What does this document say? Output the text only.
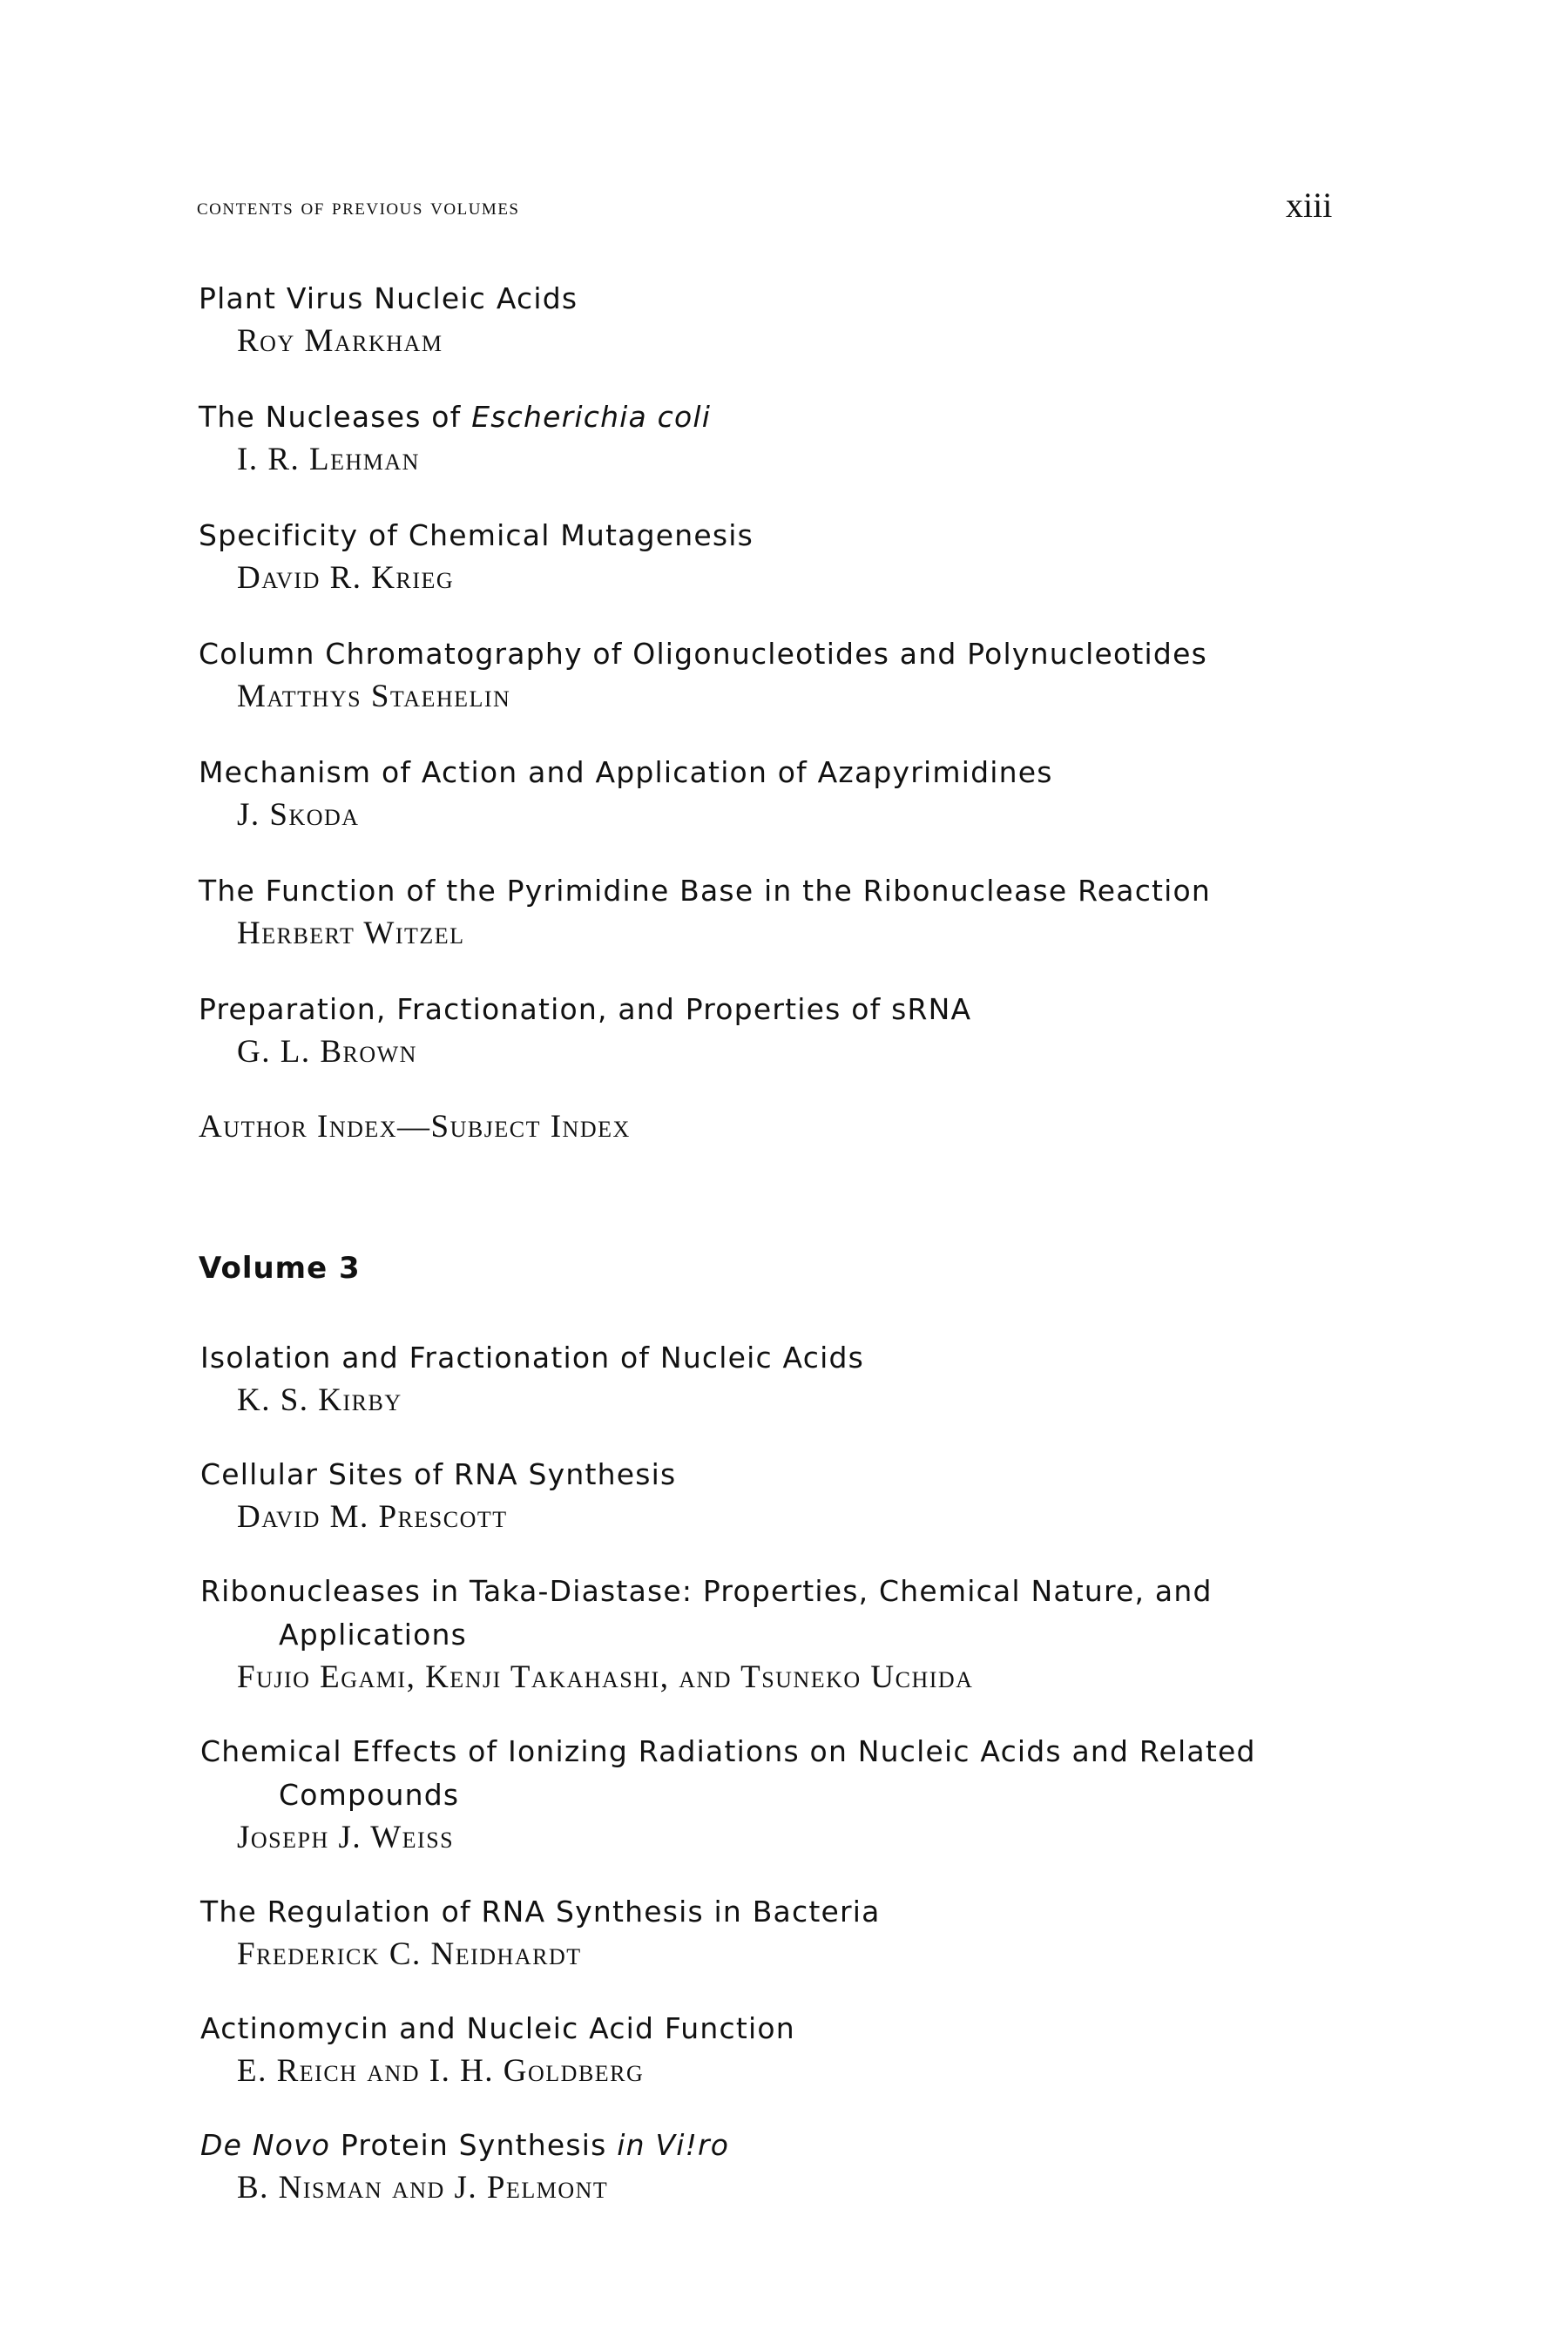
contents of previous volumes	xiii
Plant Virus Nucleic Acids
Roy Markham
The Nucleases of Escherichia coli
I. R. Lehman
Specificity of Chemical Mutagenesis
David R. Krieg
Column Chromatography of Oligonucleotides and Polynucleotides
Matthys Staehelin
Mechanism of Action and Application of Azapyrimidines
J. Skoda
The Function of the Pyrimidine Base in the Ribonuclease Reaction
Herbert Witzel
Preparation, Fractionation, and Properties of sRNA
G. L. Brown
Author Index—Subject Index
Volume 3
Isolation and Fractionation of Nucleic Acids
K. S. Kirby
Cellular Sites of RNA Synthesis
David M. Prescott
Ribonucleases in Taka-Diastase: Properties, Chemical Nature, and Applications
Fujio Egami, Kenji Takahashi, and Tsuneko Uchida
Chemical Effects of Ionizing Radiations on Nucleic Acids and Related Compounds
Joseph J. Weiss
The Regulation of RNA Synthesis in Bacteria
Frederick C. Neidhardt
Actinomycin and Nucleic Acid Function
E. Reich and I. H. Goldberg
De Novo Protein Synthesis in Vi!ro
B. Nisman and J. Pelmont
